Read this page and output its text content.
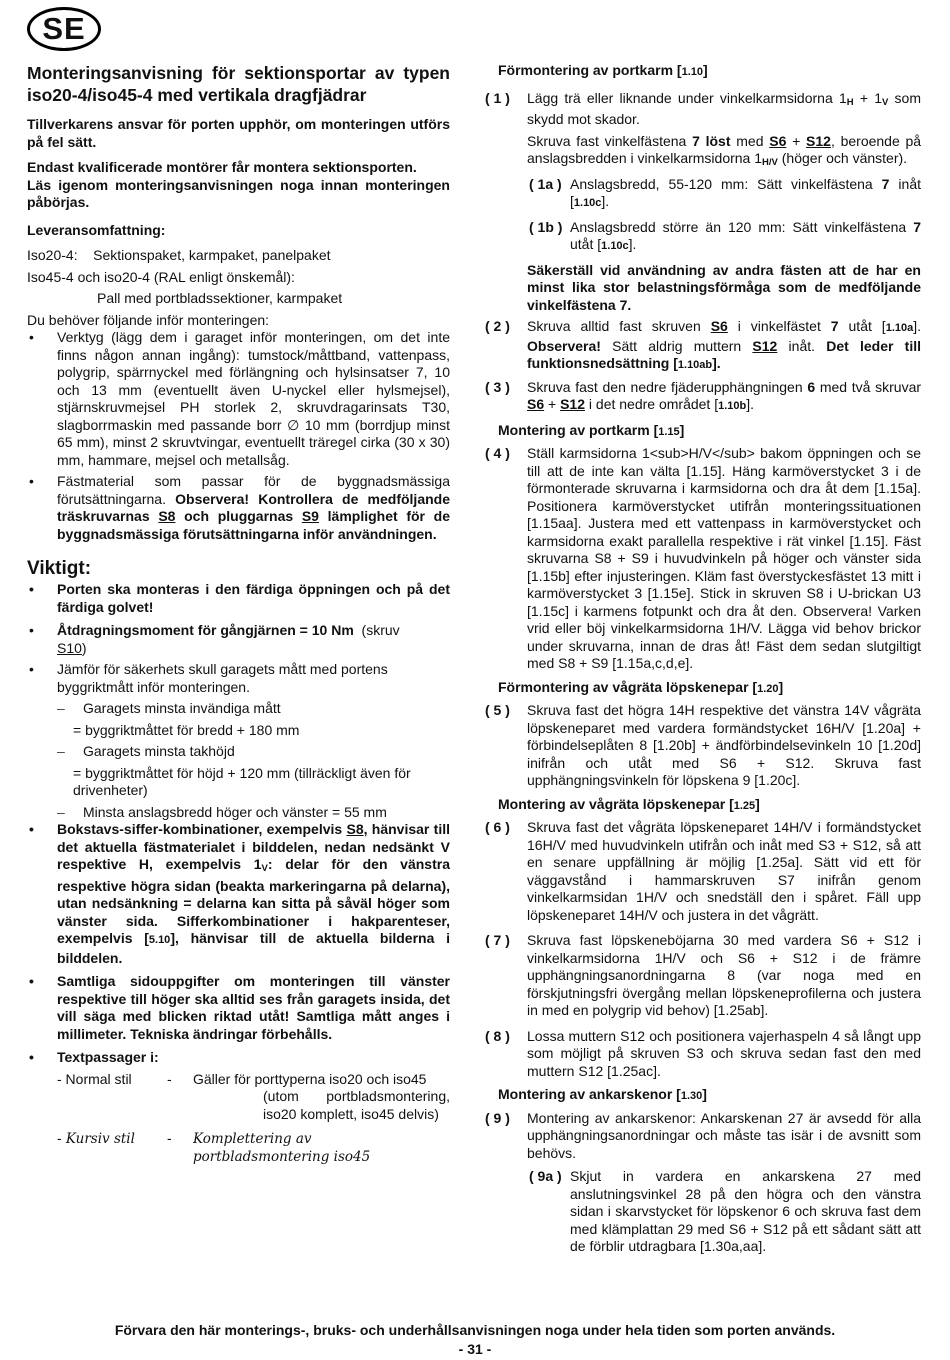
SE

Monteringsanvisning för sektionsportar av typen iso20-4/iso45-4 med vertikala dragfjädrar

Tillverkarens ansvar för porten upphör, om monteringen utförs på fel sätt.

Endast kvalificerade montörer får montera sektionsporten.

Läs igenom monteringsanvisningen noga innan monteringen påbörjas.

Leveransomfattning:

Iso20-4: Sektionspaket, karmpaket, panelpaket

Iso45-4 och iso20-4 (RAL enligt önskemål):

Pall med portbladssektioner, karmpaket

Du behöver följande inför monteringen:

• Verktyg (lägg dem i garaget inför monteringen, om det inte finns någon annan ingång): tumstock/måttband, vattenpass, polygrip, spärrnyckel med förlängning och hylsinsatser 7, 10 och 13 mm (eventuellt även U-nyckel eller hylsmejsel), stjärnskruvmejsel PH storlek 2, skruvdragarinsats T30, slagborrmaskin med passande borr ∅ 10 mm (borrdjup minst 65 mm), minst 2 skruvtvingar, eventuellt träregel cirka (30 x 30) mm, hammare, mejsel och metallsåg.
• Fästmaterial som passar för de byggnadsmässiga förutsättningarna. Observera! Kontrollera de medföljande träskruvarnas S8 och pluggarnas S9 lämplighet för de byggnadsmässiga förutsättningarna inför användningen.

Viktigt:

• Porten ska monteras i den färdiga öppningen och på det färdiga golvet!
• Åtdragningsmoment för gångjärnen = 10 Nm (skruv
S10)
• Jämför för säkerhets skull garagets mått med portens byggriktmått inför monteringen.

– Garagets minsta invändiga mått

= byggriktmåttet för bredd + 180 mm

– Garagets minsta takhöjd

= byggriktmåttet för höjd + 120 mm (tillräckligt även för drivenheter)

– Minsta anslagsbredd höger och vänster = 55 mm

• Bokstavs-siffer-kombinationer, exempelvis S8, hänvisar till det aktuella fästmaterialet i bilddelen, nedan nedsänkt V respektive H, exempelvis $1_V$: delar för den vänstra respektive högra sidan (beakta markeringarna på delarna), utan nedsänkning = delarna kan sitta på såväl höger som vänster sida. Sifferkombinationer i hakparenteser, exempelvis [5.10], hänvisar till de aktuella bilderna i bilddelen.
• Samtliga sidouppgifter om monteringen till vänster respektive till höger ska alltid ses från garagets insida, det vill säga med blicken riktad utåt! Samtliga mått anges i millimeter. Tekniska ändringar förbehålls.
• Textpassager i:
- Normal stil	-	Gäller för porttyperna iso20 och iso45
(utom portbladsmontering, iso20 komplett, iso45 delvis)
- Kursiv stil	-	Komplettering av portbladsmontering iso45

Förmontering av portkarm [1.10]

( 1 ) Lägg trä eller liknande under vinkelkarmsidorna $1_H + 1_V$ som skydd mot skador.
Skruva fast vinkelfästena 7 löst med S6 + S12, beroende på anslagsbredden i vinkelkarmsidorna $1_{H/V}$ (höger och vänster).
( 1a ) Anslagsbredd, 55-120 mm: Sätt vinkelfästena 7 inåt [1.10c].
( 1b ) Anslagsbredd större än 120 mm: Sätt vinkelfästena 7 utåt [1.10c].
Säkerställ vid användning av andra fästen att de har en minst lika stor belastningsförmåga som de medföljande vinkelfästena 7.
( 2 ) Skruva alltid fast skruven S6 i vinkelfästet 7 utåt [1.10a]. Observera! Sätt aldrig muttern S12 inåt. Det leder till funktionsnedsättning [1.10ab].
( 3 ) Skruva fast den nedre fjäderupphängningen 6 med två skruvar S6 + S12 i det nedre området [1.10b].

Montering av portkarm [1.15]

( 4 ) Ställ karmsidorna 1<sub>H/V</sub> bakom öppningen och se till att de inte kan välta [1.15]. Häng karmöverstycket 3 i de förmonterade skruvarna i karmsidorna och dra åt dem [1.15a]. Positionera karmöverstycket utifrån monteringssituationen [1.15aa]. Justera med ett vattenpass in karmöverstycket och karmsidorna exakt parallella respektive i rät vinkel [1.15]. Fäst skruvarna S8 + S9 i huvudvinkeln på höger och vänster sida [1.15b] efter injusteringen. Kläm fast överstyckesfästet 13 mitt i karmöverstycket 3 [1.15e]. Stick in skruven S8 i U-brickan U3 [1.15c] i karmens fotpunkt och dra åt den. Observera! Varken vrid eller böj vinkelkarmsidorna 1H/V. Lägga vid behov brickor under skruvarna, innan de dras åt! Fäst dem sedan slutgiltigt med S8 + S9 [1.15a,c,d,e].

Förmontering av vågräta löpskenepar [1.20]

( 5 ) Skruva fast det högra 14H respektive det vänstra 14V vågräta löpskeneparet med vardera formändstycket 16H/V [1.20a] + förbindelseplåten 8 [1.20b] + ändförbindelsevinkeln 10 [1.20d] inifrån och utåt med S6 + S12. Skruva fast upphängningsvinkeln för löpskena 9 [1.20c].

Montering av vågräta löpskenepar [1.25]

( 6 ) Skruva fast det vågräta löpskeneparet 14H/V i formändstycket 16H/V med huvudvinkeln utifrån och inåt med S3 + S12, så att en senare uppfällning är möjlig [1.25a]. Sätt vid ett för väggavstånd i hammarskruven S7 inifrån genom vinkelkarmsidan 1H/V och snedställ den i spåret. Fäll upp löpskeneparet 14H/V och justera in det vågrätt.
( 7 ) Skruva fast löpskeneböjarna 30 med vardera S6 + S12 i vinkelkarmsidorna 1H/V och S6 + S12 i de främre upphängningsanordningarna 8 (var noga med en förskjutningsfri övergång mellan löpskeneprofilerna och justera in med en polygrip vid behov) [1.25ab].
( 8 ) Lossa muttern S12 och positionera vajerhaspeln 4 så långt upp som möjligt på skruven S3 och skruva sedan fast den med muttern S12 [1.25ac].

Montering av ankarskenor [1.30]

( 9 ) Montering av ankarskenor: Ankarskenan 27 är avsedd för alla upphängningsanordningar och måste tas isär i de avsnitt som behövs.
( 9a ) Skjut in vardera en ankarskena 27 med anslutningsvinkel 28 på den högra och den vänstra sidan i skarvstycket för löpskenor 6 och skruva fast dem med klämplattan 29 med S6 + S12 på ett sådant sätt att de förblir utdragbara [1.30a,aa].
Förvara den här monterings-, bruks- och underhållsanvisningen noga under hela tiden som porten används.
- 31 -
